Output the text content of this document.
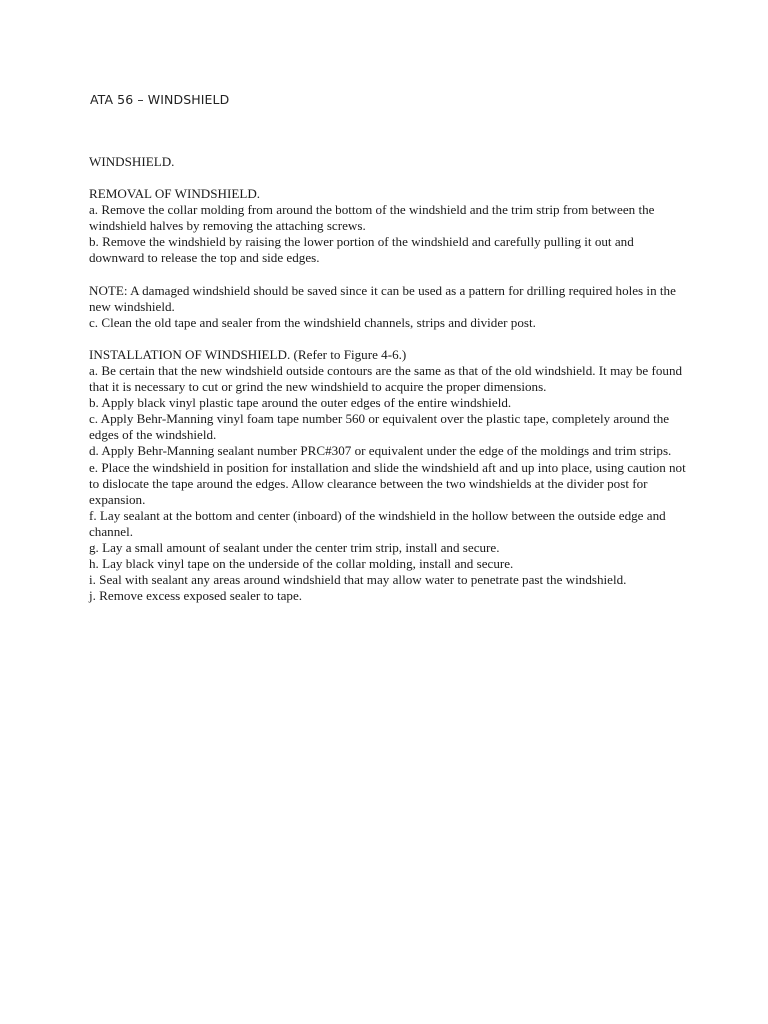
ATA 56 – WINDSHIELD

WINDSHIELD.

REMOVAL OF WINDSHIELD.

a. Remove the collar molding from around the bottom of the windshield and the trim strip from between the windshield halves by removing the attaching screws.

b. Remove the windshield by raising the lower portion of the windshield and carefully pulling it out and downward to release the top and side edges.

NOTE: A damaged windshield should be saved since it can be used as a pattern for drilling required holes in the new windshield.

c. Clean the old tape and sealer from the windshield channels, strips and divider post.

INSTALLATION OF WINDSHIELD. (Refer to Figure 4-6.)

a. Be certain that the new windshield outside contours are the same as that of the old windshield. It may be found that it is necessary to cut or grind the new windshield to acquire the proper dimensions.

b. Apply black vinyl plastic tape around the outer edges of the entire windshield.

c. Apply Behr-Manning vinyl foam tape number 560 or equivalent over the plastic tape, completely around the edges of the windshield.

d. Apply Behr-Manning sealant number PRC#307 or equivalent under the edge of the moldings and trim strips.

e. Place the windshield in position for installation and slide the windshield aft and up into place, using caution not to dislocate the tape around the edges. Allow clearance between the two windshields at the divider post for expansion.

f. Lay sealant at the bottom and center (inboard) of the windshield in the hollow between the outside edge and channel.

g. Lay a small amount of sealant under the center trim strip, install and secure.

h. Lay black vinyl tape on the underside of the collar molding, install and secure.

i. Seal with sealant any areas around windshield that may allow water to penetrate past the windshield.

j. Remove excess exposed sealer to tape.
